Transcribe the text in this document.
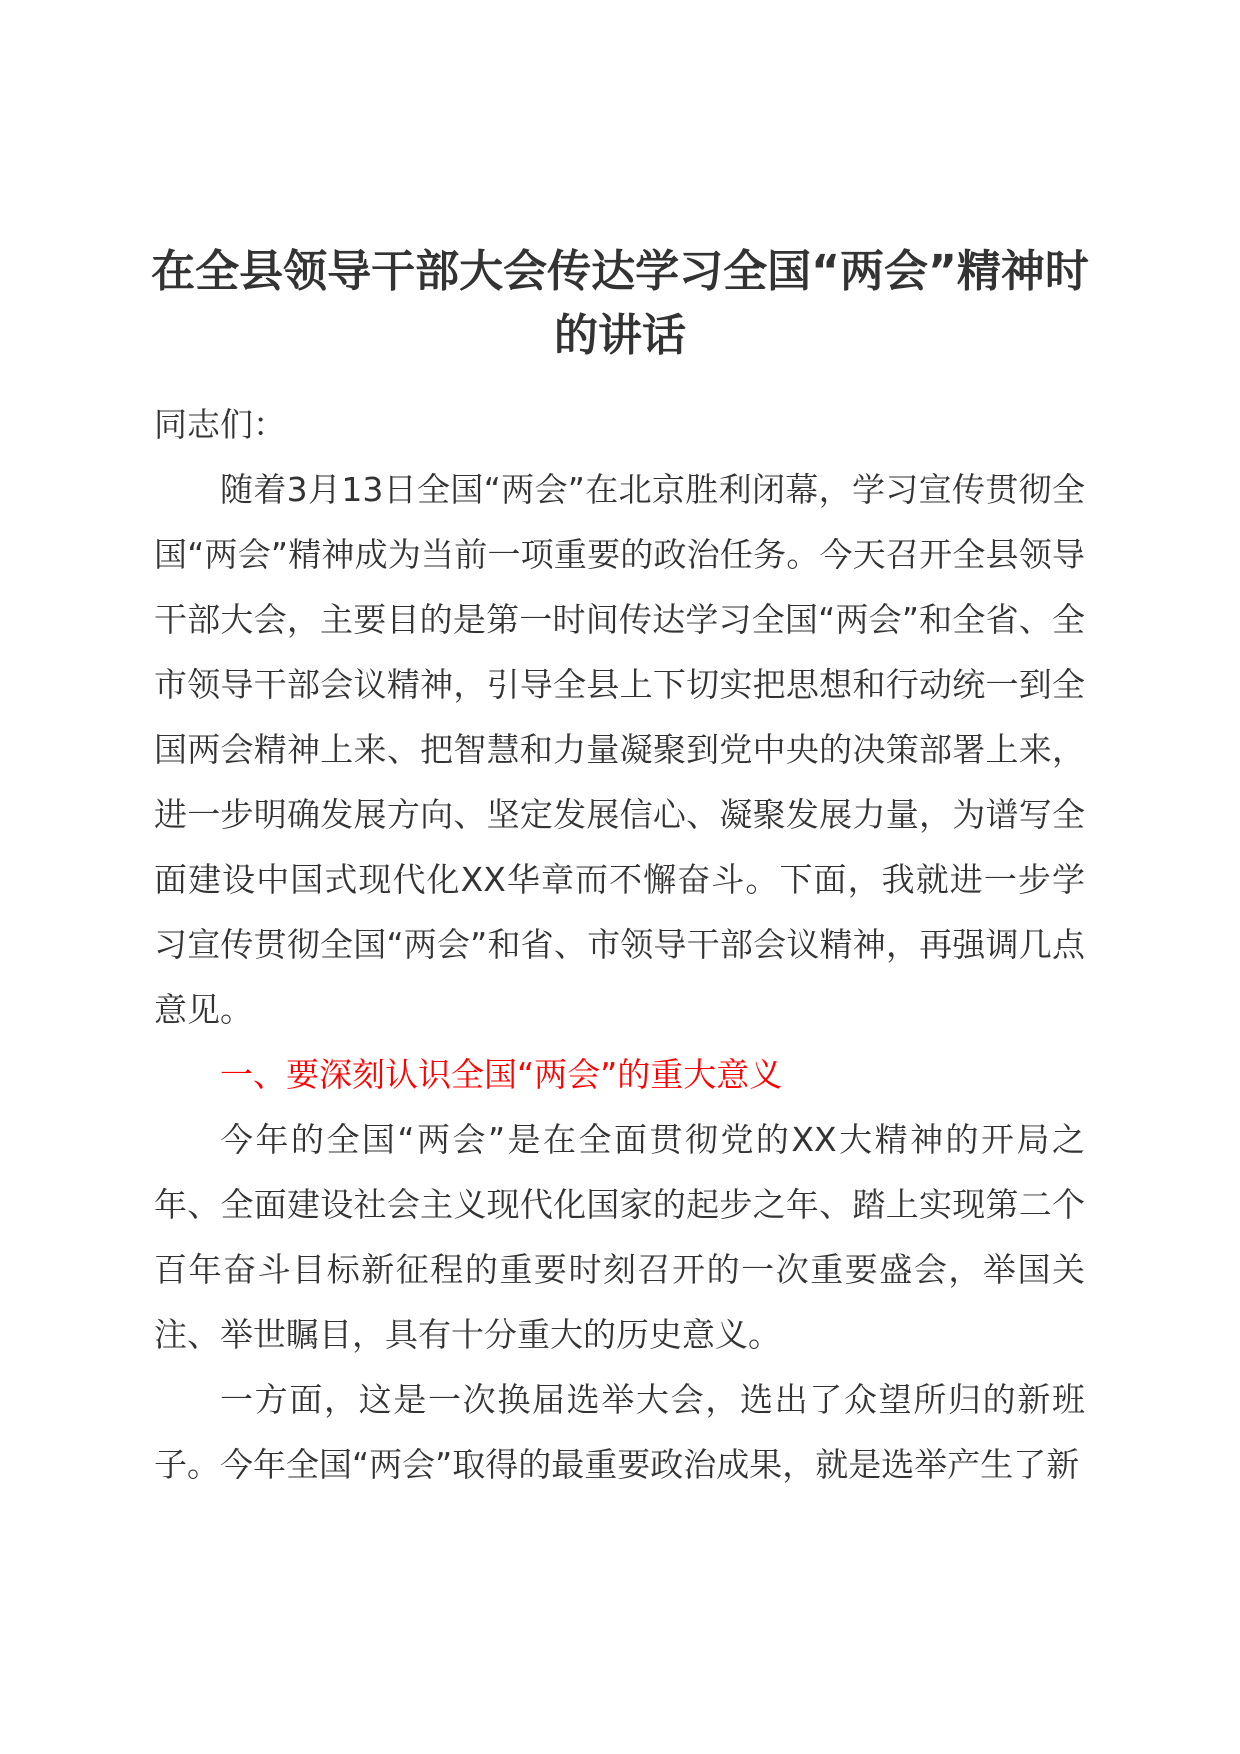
在全县领导干部大会传达学习全国“两会”精神时的讲话

同志们：

随着3月13日全国“两会”在北京胜利闭幕，学习宣传贯彻全国“两会”精神成为当前一项重要的政治任务。今天召开全县领导干部大会，主要目的是第一时间传达学习全国“两会”和全省、全市领导干部会议精神，引导全县上下切实把思想和行动统一到全国两会精神上来、把智慧和力量凝聚到党中央的决策部署上来，进一步明确发展方向、坚定发展信心、凝聚发展力量，为谱写全面建设中国式现代化XX华章而不懈奋斗。下面，我就进一步学习宣传贯彻全国“两会”和省、市领导干部会议精神，再强调几点意见。

一、要深刻认识全国“两会”的重大意义

今年的全国“两会”是在全面贯彻党的XX大精神的开局之年、全面建设社会主义现代化国家的起步之年、踏上实现第二个百年奋斗目标新征程的重要时刻召开的一次重要盛会，举国关注、举世瞩目，具有十分重大的历史意义。

一方面，这是一次换届选举大会，选出了众望所归的新班子。今年全国“两会”取得的最重要政治成果，就是选举产生了新
